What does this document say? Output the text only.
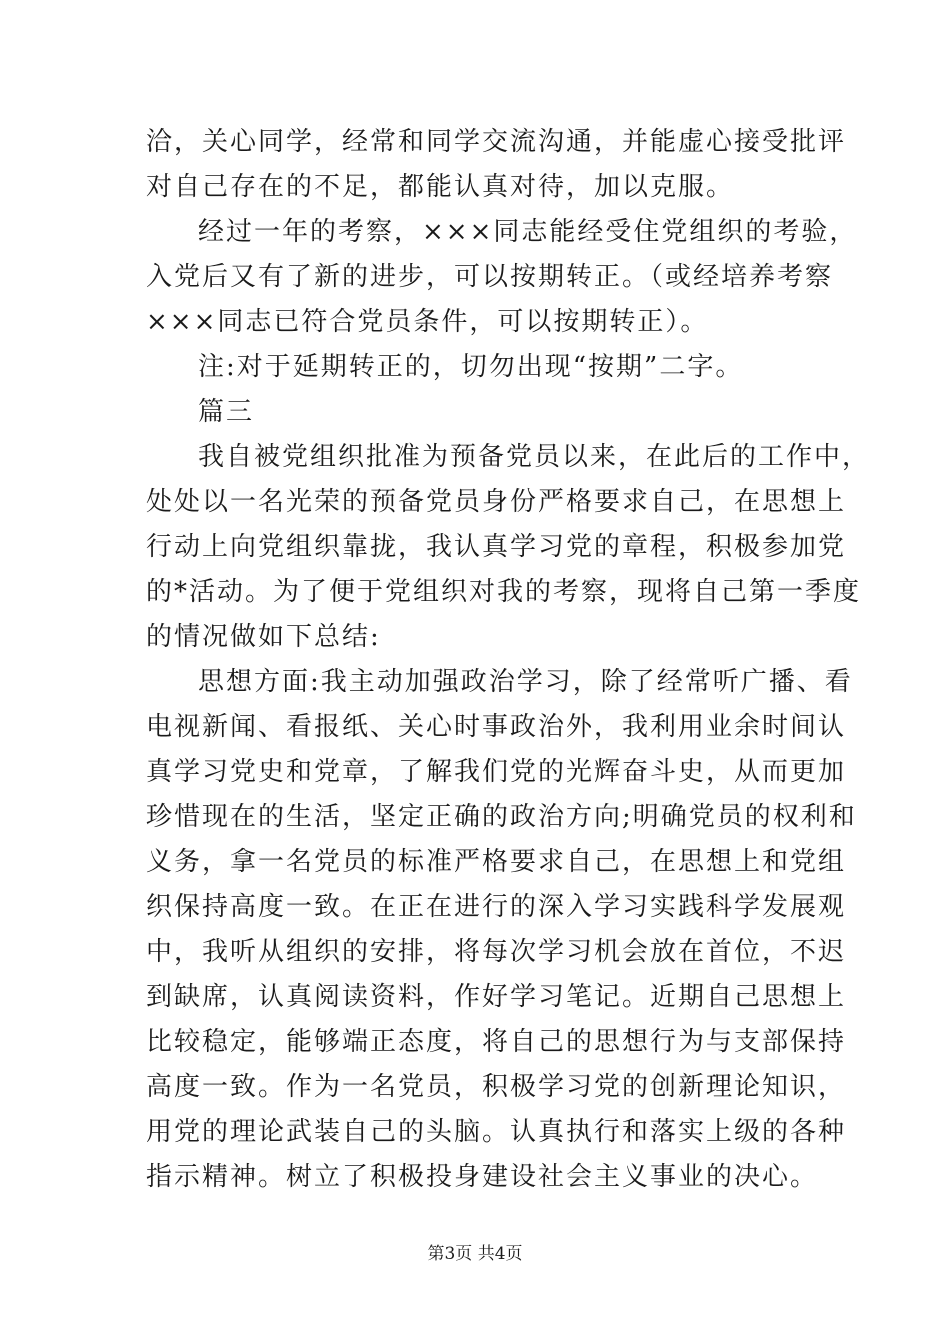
洽，关心同学，经常和同学交流沟通，并能虚心接受批评
对自己存在的不足，都能认真对待，加以克服。
经过一年的考察，×××同志能经受住党组织的考验，
入党后又有了新的进步，可以按期转正。（或经培养考察
×××同志已符合党员条件，可以按期转正）。
注:对于延期转正的，切勿出现“按期”二字。
篇三
我自被党组织批准为预备党员以来，在此后的工作中，
处处以一名光荣的预备党员身份严格要求自己，在思想上
行动上向党组织靠拢，我认真学习党的章程，积极参加党
的*活动。为了便于党组织对我的考察，现将自己第一季度
的情况做如下总结:
思想方面:我主动加强政治学习，除了经常听广播、看
电视新闻、看报纸、关心时事政治外，我利用业余时间认
真学习党史和党章，了解我们党的光辉奋斗史，从而更加
珍惜现在的生活，坚定正确的政治方向;明确党员的权利和
义务，拿一名党员的标准严格要求自己，在思想上和党组
织保持高度一致。在正在进行的深入学习实践科学发展观
中，我听从组织的安排，将每次学习机会放在首位，不迟
到缺席，认真阅读资料，作好学习笔记。近期自己思想上
比较稳定，能够端正态度，将自己的思想行为与支部保持
高度一致。作为一名党员，积极学习党的创新理论知识，
用党的理论武装自己的头脑。认真执行和落实上级的各种
指示精神。树立了积极投身建设社会主义事业的决心。
第3页 共4页
